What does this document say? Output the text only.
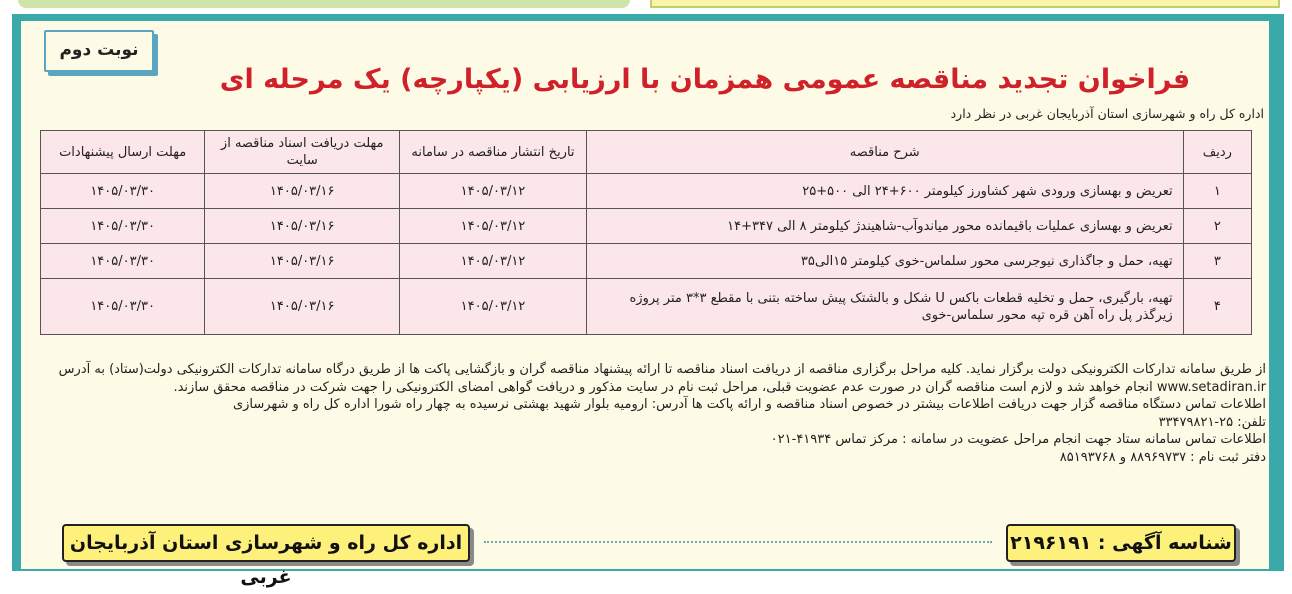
نوبت دوم
فراخوان تجدید مناقصه عمومی همزمان با ارزیابی (یکپارچه) یک مرحله ای
اداره کل راه و شهرسازی استان آذربایجان غربی در نظر دارد
ردیف	شرح مناقصه	تاریخ انتشار مناقصه در سامانه	مهلت دریافت اسناد مناقصه از سایت	مهلت ارسال پیشنهادات
۱	تعریض و بهسازی ورودی شهر کشاورز کیلومتر ۶۰۰+۲۴ الی ۵۰۰+۲۵	۱۴۰۵/۰۳/۱۲	۱۴۰۵/۰۳/۱۶	۱۴۰۵/۰۳/۳۰
۲	تعریض و بهسازی عملیات باقیمانده محور میاندوآب-شاهیندژ کیلومتر ۸ الی ۳۴۷+۱۴	۱۴۰۵/۰۳/۱۲	۱۴۰۵/۰۳/۱۶	۱۴۰۵/۰۳/۳۰
۳	تهیه، حمل و جاگذاری نیوجرسی محور سلماس-خوی کیلومتر ۱۵الی۳۵	۱۴۰۵/۰۳/۱۲	۱۴۰۵/۰۳/۱۶	۱۴۰۵/۰۳/۳۰
۴	تهیه، بارگیری، حمل و تخلیه قطعات باکس U شکل و بالشتک پیش ساخته بتنی با مقطع ۳*۳ متر پروژه زیرگذر پل راه آهن قره تپه محور سلماس-خوی	۱۴۰۵/۰۳/۱۲	۱۴۰۵/۰۳/۱۶	۱۴۰۵/۰۳/۳۰

از طریق سامانه تدارکات الکترونیکی دولت برگزار نماید. کلیه مراحل برگزاری مناقصه از دریافت اسناد مناقصه تا ارائه پیشنهاد مناقصه گران و بازگشایی پاکت ها از طریق درگاه سامانه تدارکات الکترونیکی دولت(ستاد) به آدرس www.setadiran.ir انجام خواهد شد و لازم است مناقصه گران در صورت عدم عضویت قبلی، مراحل ثبت نام در سایت مذکور و دریافت گواهی امضای الکترونیکی را جهت شرکت در مناقصه محقق سازند.

اطلاعات تماس دستگاه مناقصه گزار جهت دریافت اطلاعات بیشتر در خصوص اسناد مناقصه و ارائه پاکت ها آدرس: ارومیه بلوار شهید بهشتی نرسیده به چهار راه شورا اداره کل راه و شهرسازی

تلفن: ۲۵-۳۳۴۷۹۸۲۱

اطلاعات تماس سامانه ستاد جهت انجام مراحل عضویت در سامانه : مرکز تماس ۴۱۹۳۴-۰۲۱

دفتر ثبت نام : ۸۸۹۶۹۷۳۷ و ۸۵۱۹۳۷۶۸

اداره کل راه و شهرسازی استان آذربایجان غربی
شناسه آگهی : ۲۱۹۶۱۹۱
